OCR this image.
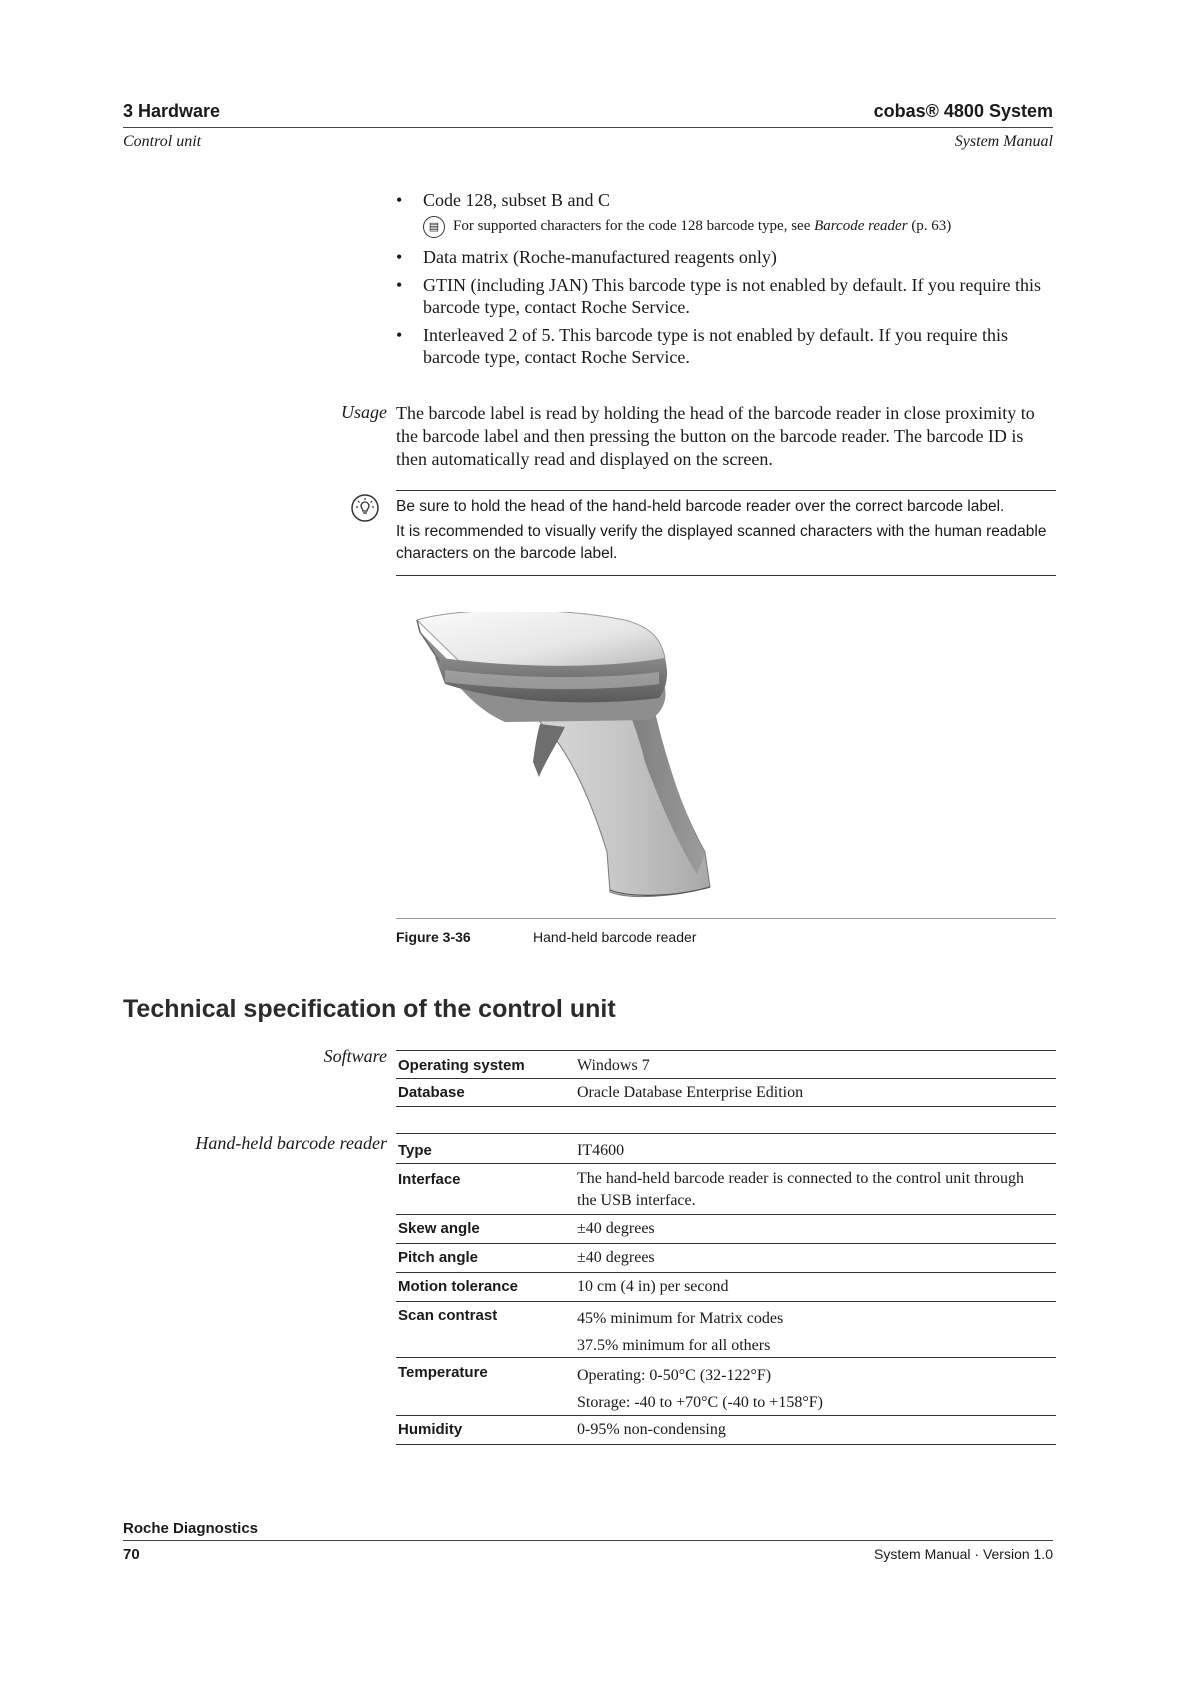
3 Hardware
Control unit
cobas® 4800 System
System Manual
• Code 128, subset B and C
▤ For supported characters for the code 128 barcode type, see Barcode reader (p. 63)
• Data matrix (Roche-manufactured reagents only)
• GTIN (including JAN) This barcode type is not enabled by default. If you require this barcode type, contact Roche Service.
• Interleaved 2 of 5. This barcode type is not enabled by default. If you require this barcode type, contact Roche Service.
Usage The barcode label is read by holding the head of the barcode reader in close proximity to the barcode label and then pressing the button on the barcode reader. The barcode ID is then automatically read and displayed on the screen.

Be sure to hold the head of the hand-held barcode reader over the correct barcode label.

It is recommended to visually verify the displayed scanned characters with the human readable characters on the barcode label.

Figure 3-36	Hand-held barcode reader
Technical specification of the control unit
Software Operating system	Windows 7
Database	Oracle Database Enterprise Edition
Hand-held barcode reader Type	IT4600
Interface	The hand-held barcode reader is connected to the control unit through the USB interface.
Skew angle	±40 degrees
Pitch angle	±40 degrees
Motion tolerance	10 cm (4 in) per second
Scan contrast	45% minimum for Matrix codes
37.5% minimum for all others
Temperature	Operating: 0-50°C (32-122°F)
Storage: -40 to +70°C (-40 to +158°F)
Humidity	0-95% non-condensing
Roche Diagnostics
70	System Manual · Version 1.0
